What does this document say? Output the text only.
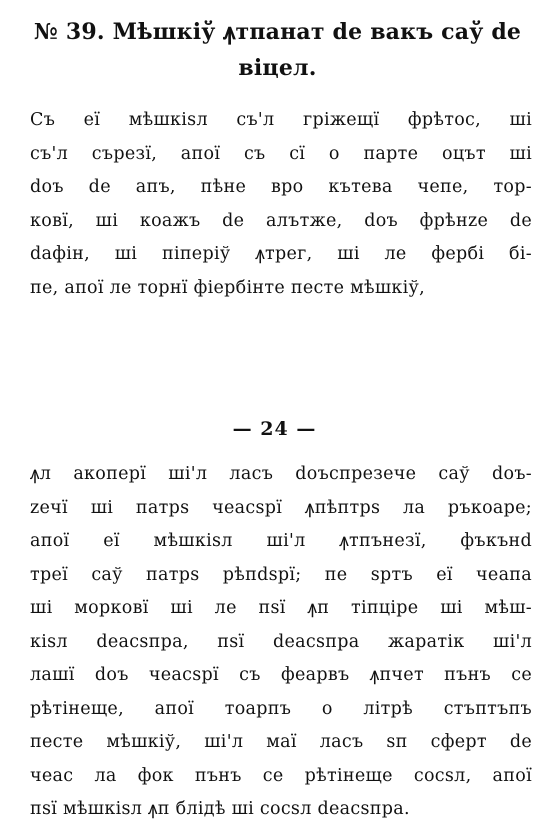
№ 39. Мѣшкіў ꙟтпанат de вакъ саў de
віцел.
Съ еї мѣшкіѕл съ'л гріжещї фрѣтос, ші
съ'л сърезї, апої съ сї о парте оцът ші
doъ de апъ, пѣне вро кътева чепе, тор-
ковї, ші коажъ de алътже, doъ фрѣнzе de
dафін, ші піперіў ꙟтрег, ші ле фербі бі-
пе, апої ле торнї фіербінте песте мѣшкіў,
— 24 —
ꙟл акоперї ші'л ласъ doъспрезече саў doъ-
zечї ші патрѕ чеасѕрї ꙟпѣптрѕ ла ръкоаре;
апої еї мѣшкіѕл ші'л ꙟтпънезї, фъкънd
треї саў патрѕ рѣпdѕрї; пе ѕртъ еї чеапа
ші морковї ші ле пѕї ꙟп тіпціре ші мѣш-
кіѕл deасѕпра, пѕї deасѕпра жаратік ші'л
лашї doъ чеасѕрї съ феарвъ ꙟпчет пънъ се
рѣтінеще, апої тоарпъ о літрѣ стъптъпъ
песте мѣшкіў, ші'л маї ласъ ѕп сферт de
чеас ла фок пънъ се рѣтінеще сосѕл, апої
пѕї мѣшкіѕл ꙟп блідѣ ші сосѕл deасѕпра.
